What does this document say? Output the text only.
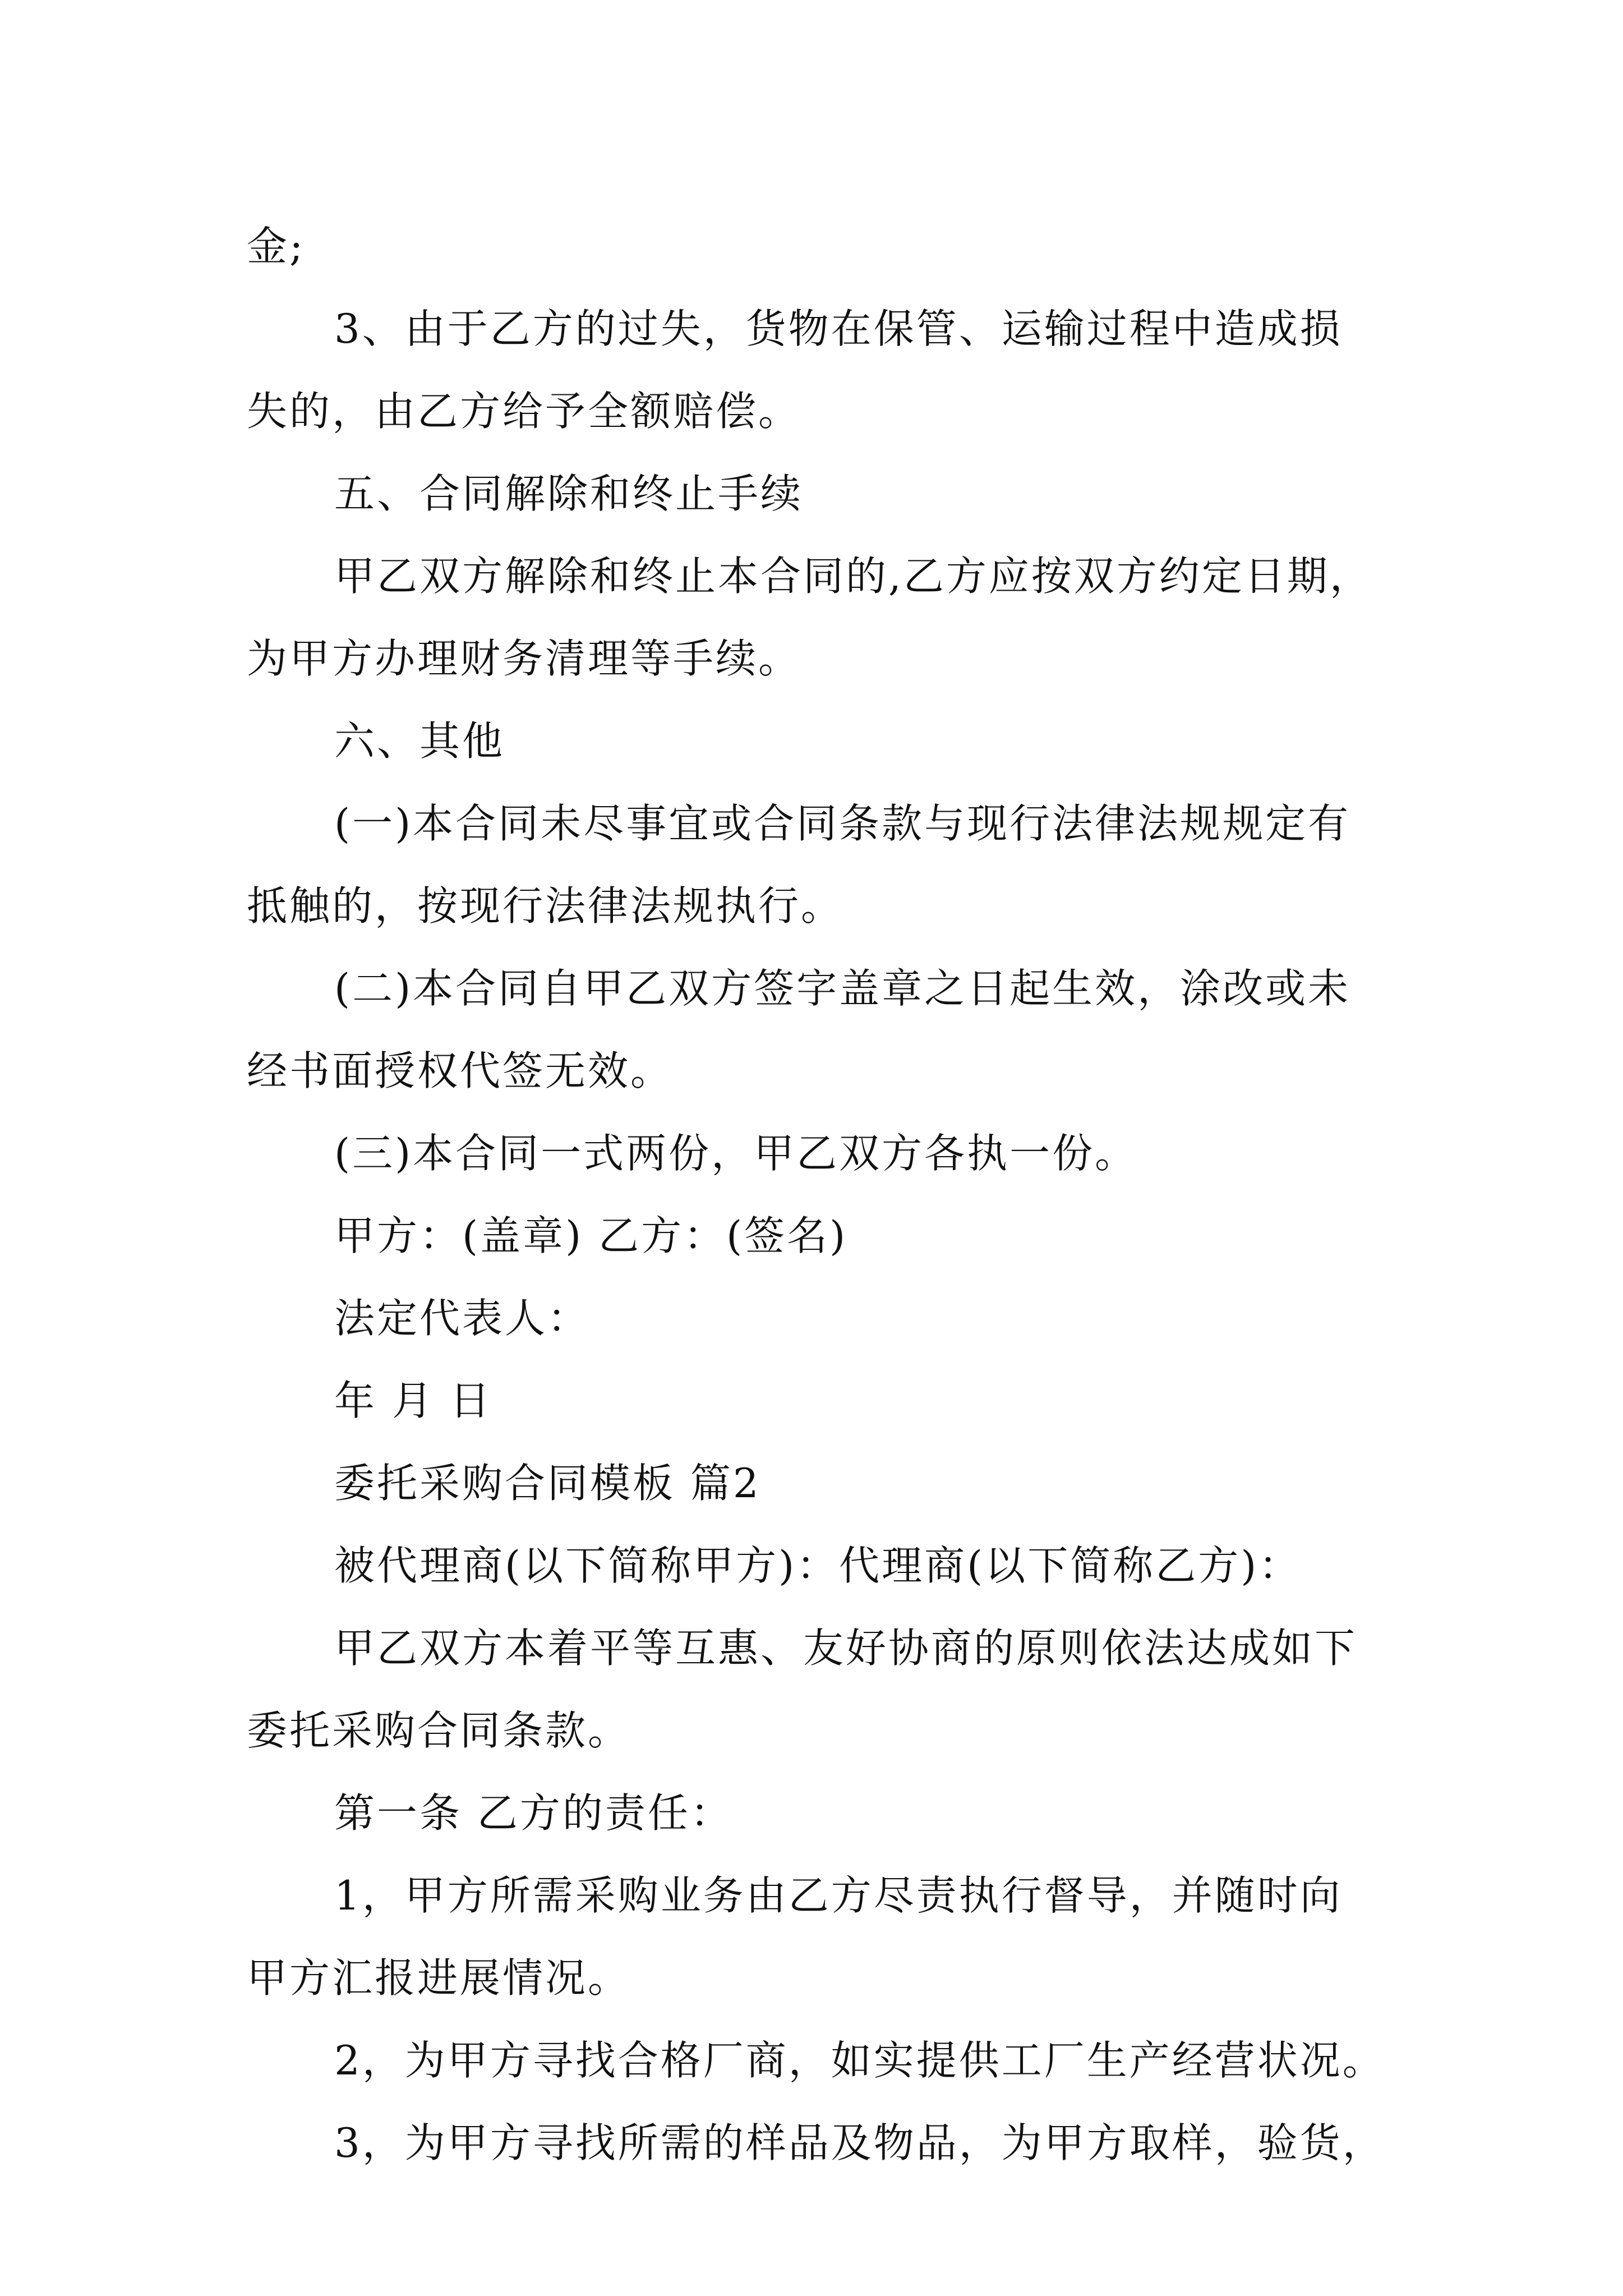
金;
3、由于乙方的过失，货物在保管、运输过程中造成损
失的，由乙方给予全额赔偿。
五、合同解除和终止手续
甲乙双方解除和终止本合同的,乙方应按双方约定日期，
为甲方办理财务清理等手续。
六、其他
(一)本合同未尽事宜或合同条款与现行法律法规规定有
抵触的，按现行法律法规执行。
(二)本合同自甲乙双方签字盖章之日起生效，涂改或未
经书面授权代签无效。
(三)本合同一式两份，甲乙双方各执一份。
甲方：(盖章) 乙方：(签名)
法定代表人：
年 月 日
委托采购合同模板 篇2
被代理商(以下简称甲方)：代理商(以下简称乙方)：
甲乙双方本着平等互惠、友好协商的原则依法达成如下
委托采购合同条款。
第一条 乙方的责任：
1，甲方所需采购业务由乙方尽责执行督导，并随时向
甲方汇报进展情况。
2，为甲方寻找合格厂商，如实提供工厂生产经营状况。
3，为甲方寻找所需的样品及物品，为甲方取样，验货，
